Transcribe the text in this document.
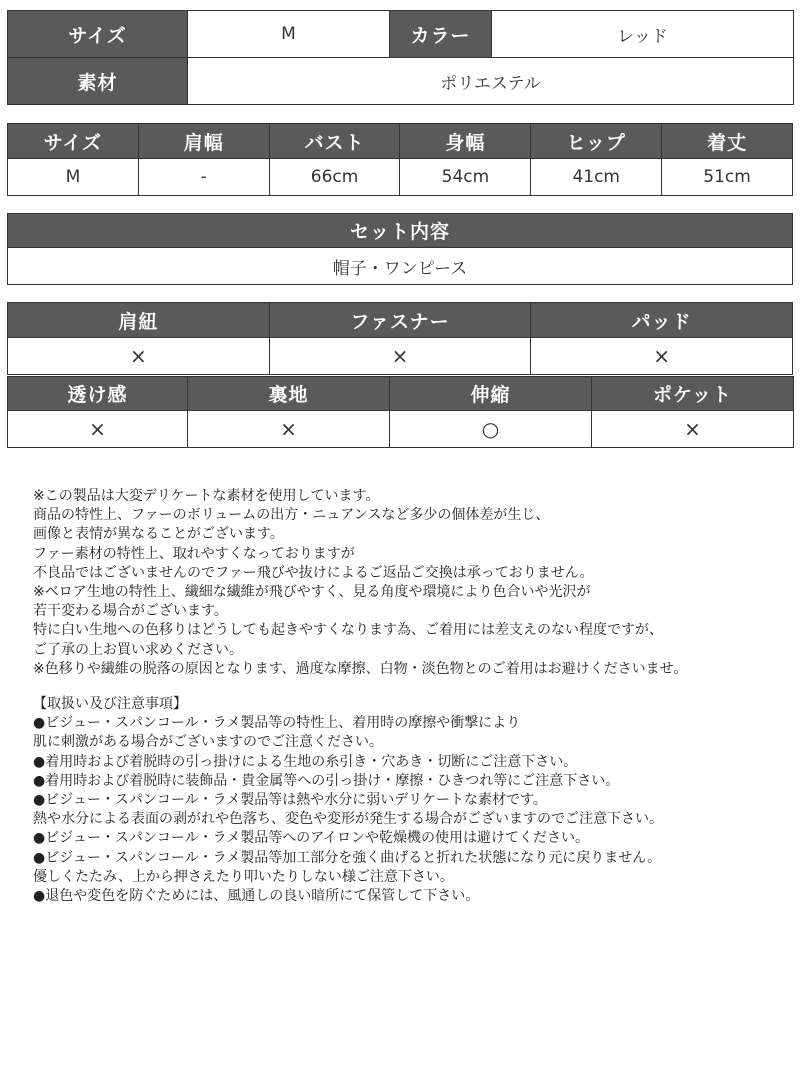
サイズ	M	カラー	レッド
素材	ポリエステル		
サイズ	肩幅	バスト	身幅	ヒップ	着丈
M	-	66cm	54cm	41cm	51cm
セット内容
帽子・ワンピース
肩紐	ファスナー	パッド
×	×	×
透け感	裏地	伸縮	ポケット
×	×	○	×
※この製品は大変デリケートな素材を使用しています。
商品の特性上、ファーのボリュームの出方・ニュアンスなど多少の個体差が生じ、
画像と表情が異なることがございます。
ファー素材の特性上、取れやすくなっておりますが
不良品ではございませんのでファー飛びや抜けによるご返品ご交換は承っておりません。
※ベロア生地の特性上、繊細な繊維が飛びやすく、見る角度や環境により色合いや光沢が
若干変わる場合がございます。
特に白い生地への色移りはどうしても起きやすくなります為、ご着用には差支えのない程度ですが、
ご了承の上お買い求めください。
※色移りや繊維の脱落の原因となります、過度な摩擦、白物・淡色物とのご着用はお避けくださいませ。
【取扱い及び注意事項】
●ビジュー・スパンコール・ラメ製品等の特性上、着用時の摩擦や衝撃により
肌に刺激がある場合がございますのでご注意ください。
●着用時および着脱時の引っ掛けによる生地の糸引き・穴あき・切断にご注意下さい。
●着用時および着脱時に装飾品・貴金属等への引っ掛け・摩擦・ひきつれ等にご注意下さい。
●ビジュー・スパンコール・ラメ製品等は熱や水分に弱いデリケートな素材です。
熱や水分による表面の剥がれや色落ち、変色や変形が発生する場合がございますのでご注意下さい。
●ビジュー・スパンコール・ラメ製品等へのアイロンや乾燥機の使用は避けてください。
●ビジュー・スパンコール・ラメ製品等加工部分を強く曲げると折れた状態になり元に戻りません。
優しくたたみ、上から押さえたり叩いたりしない様ご注意下さい。
●退色や変色を防ぐためには、風通しの良い暗所にて保管して下さい。
